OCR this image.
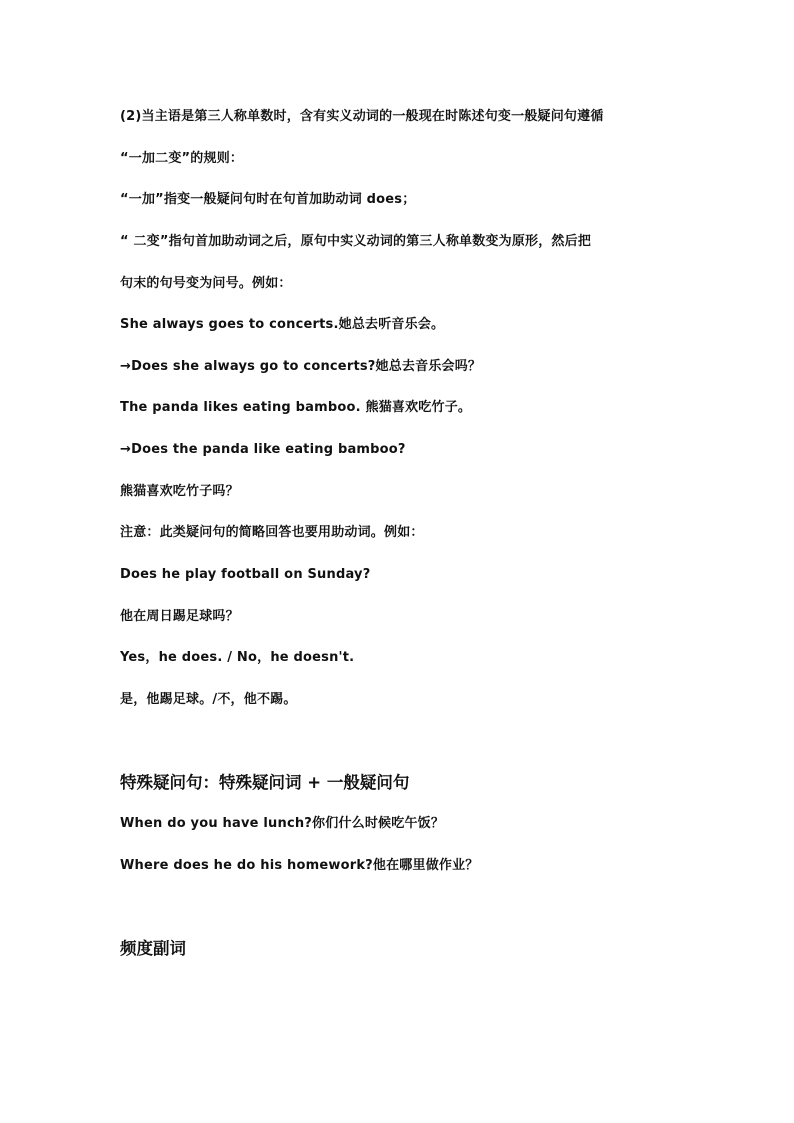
(2)当主语是第三人称单数时，含有实义动词的一般现在时陈述句变一般疑问句遵循
“一加二变”的规则：
“一加”指变一般疑问句时在句首加助动词 does；
“ 二变”指句首加助动词之后，原句中实义动词的第三人称单数变为原形，然后把
句末的句号变为问号。例如：
She always goes to concerts.她总去听音乐会。
→Does she always go to concerts?她总去音乐会吗？
The panda likes eating bamboo. 熊猫喜欢吃竹子。
→Does the panda like eating bamboo?
熊猫喜欢吃竹子吗？
注意：此类疑问句的简略回答也要用助动词。例如：
Does he play football on Sunday?
他在周日踢足球吗？
Yes，he does. / No，he doesn't.
是，他踢足球。/不，他不踢。
特殊疑问句：特殊疑问词 + 一般疑问句
When do you have lunch?你们什么时候吃午饭？
Where does he do his homework?他在哪里做作业？
频度副词
